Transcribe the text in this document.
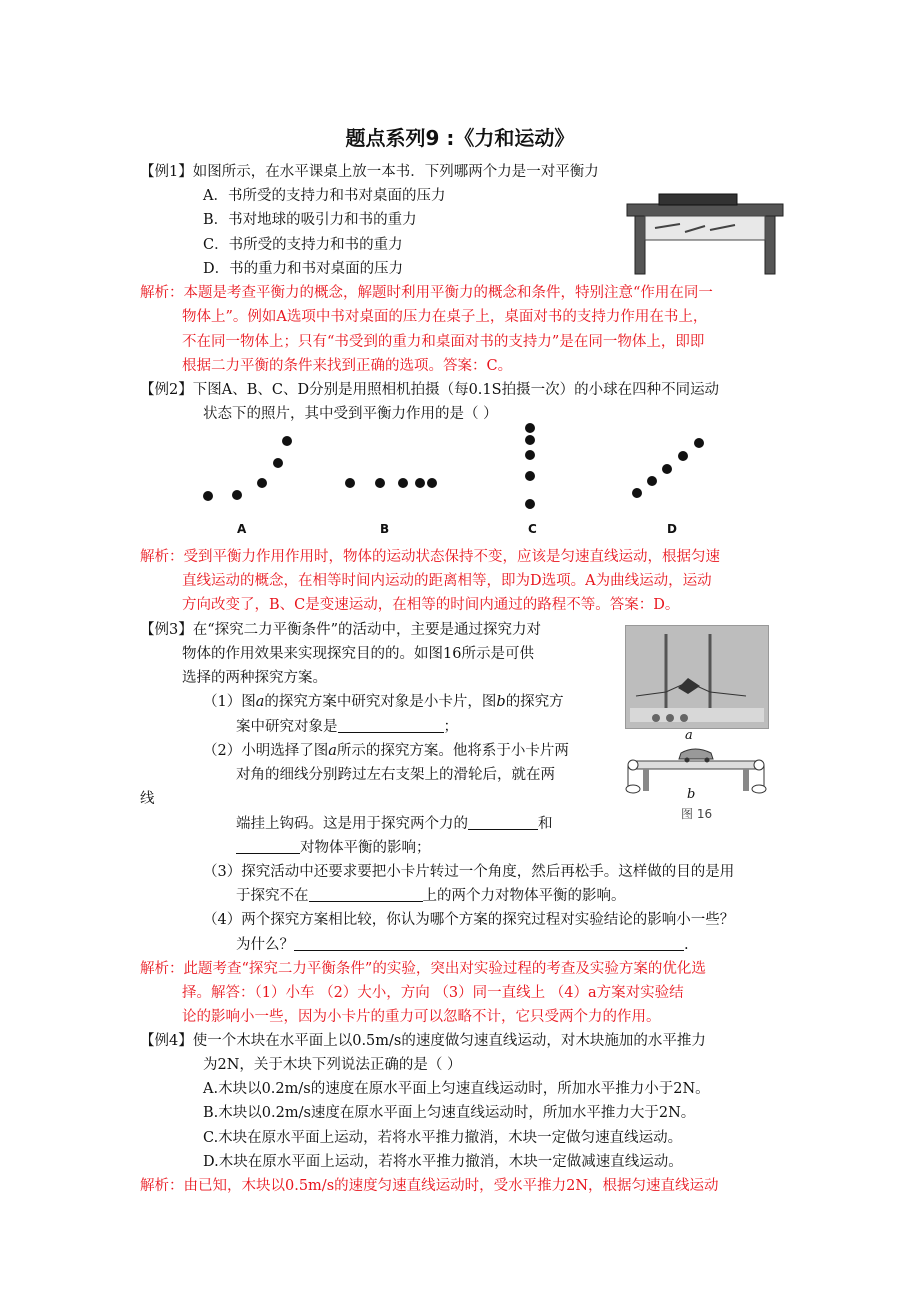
题点系列9 :《力和运动》
【例1】如图所示，在水平课桌上放一本书．下列哪两个力是一对平衡力
A．书所受的支持力和书对桌面的压力
B．书对地球的吸引力和书的重力
C．书所受的支持力和书的重力
D．书的重力和书对桌面的压力
解析：本题是考查平衡力的概念，解题时利用平衡力的概念和条件，特别注意“作用在同一
物体上”。例如A选项中书对桌面的压力在桌子上，桌面对书的支持力作用在书上，
不在同一物体上；只有“书受到的重力和桌面对书的支持力”是在同一物体上，即即
根据二力平衡的条件来找到正确的选项。答案：C。
【例2】下图A、B、C、D分别是用照相机拍摄（每0.1S拍摄一次）的小球在四种不同运动
状态下的照片，其中受到平衡力作用的是（ ）
A	B	C	D
解析：受到平衡力作用作用时，物体的运动状态保持不变，应该是匀速直线运动，根据匀速
直线运动的概念，在相等时间内运动的距离相等，即为D选项。A为曲线运动，运动
方向改变了，B、C是变速运动，在相等的时间内通过的路程不等。答案：D。
【例3】在“探究二力平衡条件”的活动中，主要是通过探究力对
物体的作用效果来实现探究目的的。如图16所示是可供
选择的两种探究方案。
（1）图a的探究方案中研究对象是小卡片，图b的探究方
案中研究对象是	；
（2）小明选择了图a所示的探究方案。他将系于小卡片两
对角的细线分别跨过左右支架上的滑轮后，就在两
线
端挂上钩码。这是用于探究两个力的	和
对物体平衡的影响；
（3）探究活动中还要求要把小卡片转过一个角度，然后再松手。这样做的目的是用
于探究不在	上的两个力对物体平衡的影响。
（4）两个探究方案相比较，你认为哪个方案的探究过程对实验结论的影响小一些？
为什么？	.
a
b
图 16
解析：此题考查“探究二力平衡条件”的实验，突出对实验过程的考查及实验方案的优化选
择。解答：（1）小车 （2）大小，方向 （3）同一直线上 （4）a方案对实验结
论的影响小一些，因为小卡片的重力可以忽略不计，它只受两个力的作用。
【例4】使一个木块在水平面上以0.5m/s的速度做匀速直线运动，对木块施加的水平推力
为2N，关于木块下列说法正确的是（ ）
A.木块以0.2m/s的速度在原水平面上匀速直线运动时，所加水平推力小于2N。
B.木块以0.2m/s速度在原水平面上匀速直线运动时，所加水平推力大于2N。
C.木块在原水平面上运动，若将水平推力撤消，木块一定做匀速直线运动。
D.木块在原水平面上运动，若将水平推力撤消，木块一定做减速直线运动。
解析：由已知，木块以0.5m/s的速度匀速直线运动时，受水平推力2N，根据匀速直线运动
